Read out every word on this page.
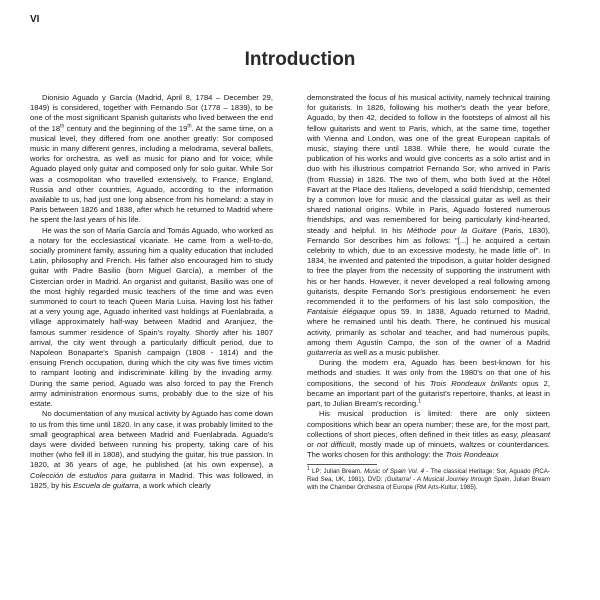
VI
Introduction

Dionisio Aguado y García (Madrid, April 8, 1784 – December 29, 1849) is considered, together with Fernando Sor (1778 – 1839), to be one of the most significant Spanish guitarists who lived between the end of the 18th century and the beginning of the 19th. At the same time, on a musical level, they differed from one another greatly: Sor composed music in many different genres, including a melodrama, several ballets, works for orchestra, as well as music for piano and for voice; while Aguado played only guitar and composed only for solo guitar. While Sor was a cosmopolitan who travelled extensively, to France, England, Russia and other countries, Aguado, according to the information available to us, had just one long absence from his homeland: a stay in Paris between 1826 and 1838, after which he returned to Madrid where he spent the last years of his life.

He was the son of María García and Tomás Aguado, who worked as a notary for the ecclesiastical vicariate. He came from a well-to-do, socially prominent family, assuring him a quality education that included Latin, philosophy and French. His father also encouraged him to study guitar with Padre Basilio (born Miguel García), a member of the Cistercian order in Madrid. An organist and guitarist, Basilio was one of the most highly regarded music teachers of the time and was even summoned to court to teach Queen Maria Luisa. Having lost his father at a very young age, Aguado inherited vast holdings at Fuenlabrada, a village approximately half-way between Madrid and Aranjuez, the famous summer residence of Spain's royalty. Shortly after his 1807 arrival, the city went through a particularly difficult period, due to Napoleon Bonaparte's Spanish campaign (1808 - 1814) and the ensuing French occupation, during which the city was five times victim to rampant looting and indiscriminate killing by the invading army. During the same period, Aguado was also forced to pay the French army administration enormous sums, probably due to the size of his estate.

No documentation of any musical activity by Aguado has come down to us from this time until 1820. In any case, it was probably limited to the small geographical area between Madrid and Fuenlabrada. Aguado's days were divided between running his property, taking care of his mother (who fell ill in 1808), and studying the guitar, his true passion. In 1820, at 36 years of age, he published (at his own expense), a Colección de estudios para guitarra in Madrid. This was followed, in 1825, by his Escuela de guitarra, a work which clearly

demonstrated the focus of his musical activity, namely technical training for guitarists. In 1826, following his mother's death the year before, Aguado, by then 42, decided to follow in the footsteps of almost all his fellow guitarists and went to Paris, which, at the same time, together with Vienna and London, was one of the great European capitals of music, staying there until 1838. While there, he would curate the publication of his works and would give concerts as a solo artist and in duo with his illustrious compatriot Fernando Sor, who arrived in Paris (from Russia) in 1826. The two of them, who both lived at the Hôtel Favart at the Place des Italiens, developed a solid friendship, cemented by a common love for music and the classical guitar as well as their shared national origins. While in Paris, Aguado fostered numerous friendships, and was remembered for being particularly kind-hearted, steady and helpful. In his Méthode pour la Guitare (Paris, 1830), Fernando Sor describes him as follows: "[...] he acquired a certain celebrity to which, due to an excessive modesty, he made little of". In 1834, he invented and patented the tripodison, a guitar holder designed to free the player from the necessity of supporting the instrument with his or her hands. However, it never developed a real following among guitarists, despite Fernando Sor's prestigious endorsement: he even recommended it to the performers of his last solo composition, the Fantaisie élégiaque opus 59. In 1838, Aguado returned to Madrid, where he remained until his death. There, he continued his musical activity, primarily as scholar and teacher, and had numerous pupils, among them Agustín Campo, the son of the owner of a Madrid guitarrería as well as a music publisher.

During the modern era, Aguado has been best-known for his methods and studies. It was only from the 1980's on that one of his compositions, the second of his Trois Rondeaux brillants opus 2, became an important part of the guitarist's repertoire, thanks, at least in part, to Julian Bream's recording.$^1$

His musical production is limited: there are only sixteen compositions which bear an opera number; these are, for the most part, collections of short pieces, often defined in their titles as easy, pleasant or not difficult, mostly made up of minuets, waltzes or counterdances. The works chosen for this anthology: the Trois Rondeaux

$^1$ LP: Julian Bream, Music of Spain Vol. 4 - The classical Heritage: Sor, Aguado (RCA-Red Sea, UK, 1981). DVD: ¡Guitarra! - A Musical Journey through Spain, Julian Bream with the Chamber Orchestra of Europe (RM Arts-Kultur, 1985).
